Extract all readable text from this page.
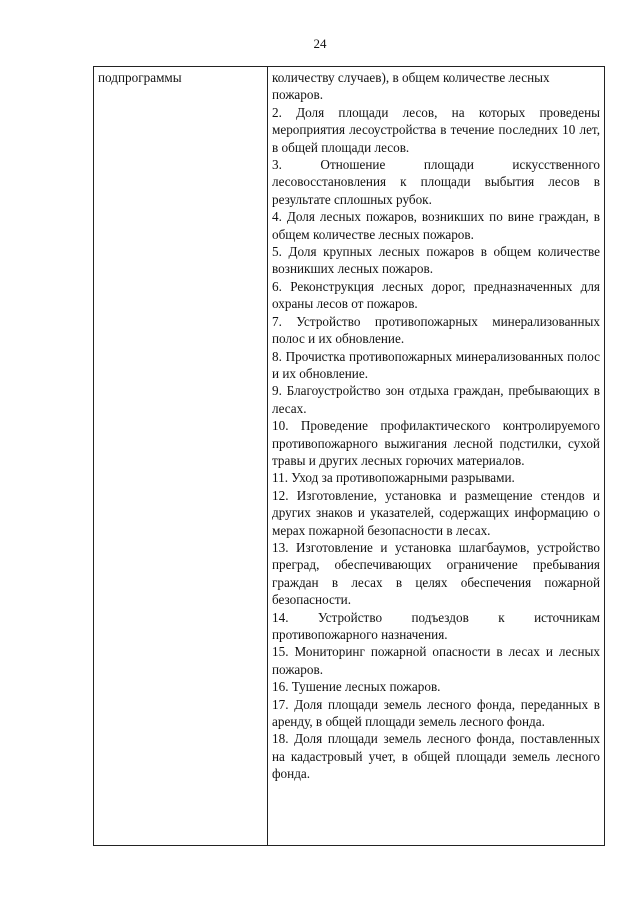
24
подпрограммы	количеству случаев), в общем количестве лесных пожаров.

2. Доля площади лесов, на которых проведены мероприятия лесоустройства в течение последних 10 лет, в общей площади лесов.

3. Отношение площади искусственного лесовосстановления к площади выбытия лесов в результате сплошных рубок.

4. Доля лесных пожаров, возникших по вине граждан, в общем количестве лесных пожаров.

5. Доля крупных лесных пожаров в общем количестве возникших лесных пожаров.

6. Реконструкция лесных дорог, предназначенных для охраны лесов от пожаров.

7. Устройство противопожарных минерализованных полос и их обновление.

8. Прочистка противопожарных минерализованных полос и их обновление.

9. Благоустройство зон отдыха граждан, пребывающих в лесах.

10. Проведение профилактического контролируемого противопожарного выжигания лесной подстилки, сухой травы и других лесных горючих материалов.

11. Уход за противопожарными разрывами.

12. Изготовление, установка и размещение стендов и других знаков и указателей, содержащих информацию о мерах пожарной безопасности в лесах.

13. Изготовление и установка шлагбаумов, устройство преград, обеспечивающих ограничение пребывания граждан в лесах в целях обеспечения пожарной безопасности.

14. Устройство подъездов к источникам противопожарного назначения.

15. Мониторинг пожарной опасности в лесах и лесных пожаров.

16. Тушение лесных пожаров.

17. Доля площади земель лесного фонда, переданных в аренду, в общей площади земель лесного фонда.

18. Доля площади земель лесного фонда, поставленных на кадастровый учет, в общей площади земель лесного фонда.
